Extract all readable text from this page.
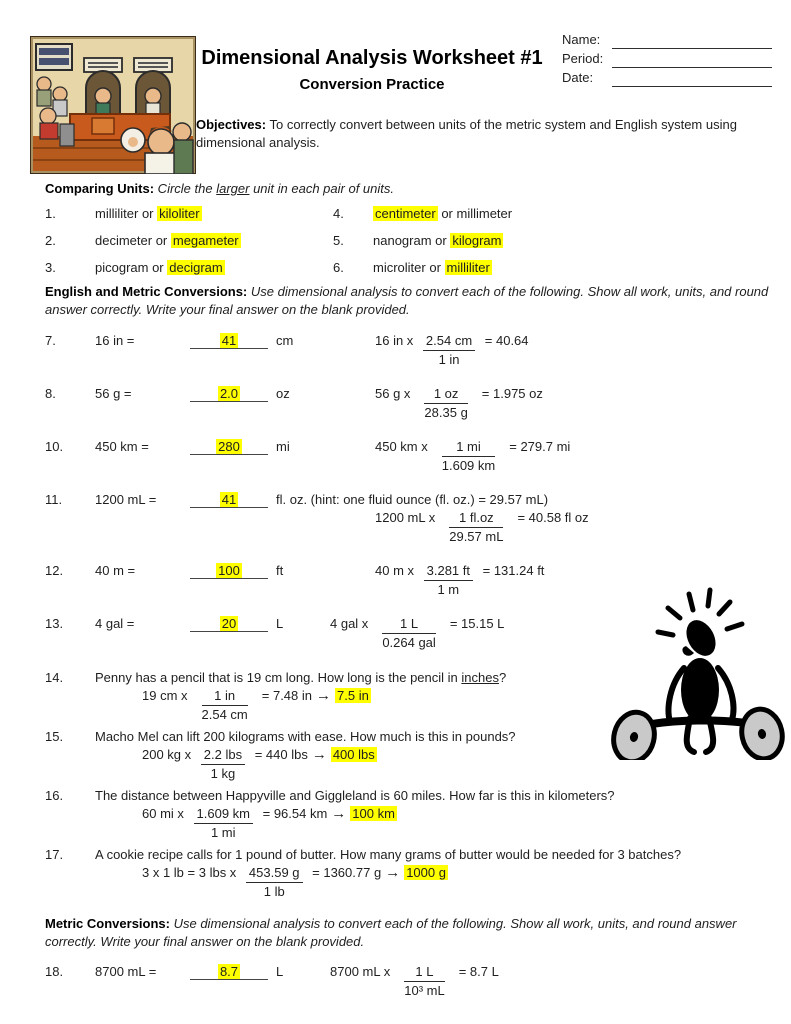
Dimensional Analysis Worksheet #1
Conversion Practice
Name:
Period:
Date:

Objectives: To correctly convert between units of the metric system and English system using dimensional analysis.

Comparing Units: Circle the larger unit in each pair of units.

1.	milliliter or kiloliter	4.	centimeter or millimeter
2.	decimeter or megameter	5.	nanogram or kilogram
3.	picogram or decigram	6.	microliter or milliliter

English and Metric Conversions: Use dimensional analysis to convert each of the following. Show all work, units, and round answer correctly. Write your final answer on the blank provided.

7.	16 in =	41	cm	16 in x $\frac{2.54 cm}{1 in} = 40.64$
8.	56 g =	2.0	oz	56 g x $\frac{1 oz}{28.35 g} = 1.975$ oz
10.	450 km =	280	mi	450 km x $\frac{1 mi}{1.609 km} = 279.7$ mi
11.	1200 mL =	41	fl. oz. (hint: one fluid ounce (fl. oz.) = 29.57 mL)
1200 mL x $\frac{1 fl.oz}{29.57 mL} = 40.58$ fl oz
12.	40 m =	100	ft	40 m x $\frac{3.281 ft}{1 m} = 131.24$ ft
13.	4 gal =	20	L	4 gal x $\frac{1 L}{\text{0.264 gal}} = 15.15$ L
14.	Penny has a pencil that is 19 cm long. How long is the pencil in inches?
19 cm x $\frac{1 in}{2.54 cm} = 7.48$ in → 7.5 in
15.	Macho Mel can lift 200 kilograms with ease. How much is this in pounds?
200 kg x $\frac{\text{2.2 lbs}}{1 kg} = 440$ lbs → 400 lbs
16.	The distance between Happyville and Giggleland is 60 miles. How far is this in kilometers?
60 mi x $\frac{1.609 km}{1 mi} = 96.54$ km → 100 km
17.	A cookie recipe calls for 1 pound of butter. How many grams of butter would be needed for 3 batches?
3 x 1 lb = 3 lbs x $\frac{453.59 g}{1 lb} = 1360.77$ g → 1000 g

Metric Conversions: Use dimensional analysis to convert each of the following. Show all work, units, and round answer correctly. Write your final answer on the blank provided.

18.	8700 mL =	8.7	L	8700 mL x $\frac{1 L}{\text{10³ mL}} = 8.7$ L
